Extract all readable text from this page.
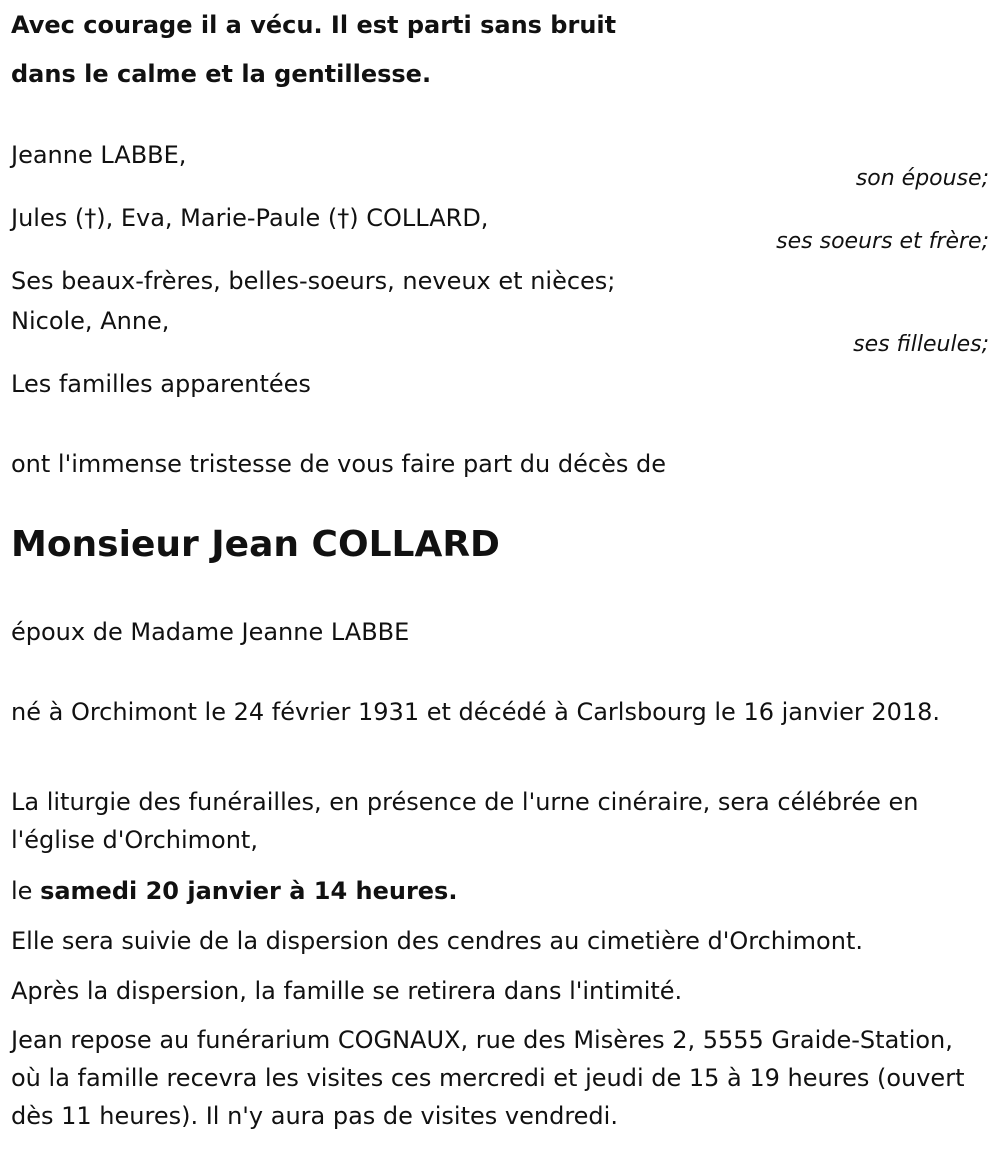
Avec courage il a vécu. Il est parti sans bruit
dans le calme et la gentillesse.
Jeanne LABBE,
son épouse;
Jules (†), Eva, Marie-Paule (†) COLLARD,
ses soeurs et frère;
Ses beaux-frères, belles-soeurs, neveux et nièces;
Nicole, Anne,
ses filleules;
Les familles apparentées
ont l'immense tristesse de vous faire part du décès de
Monsieur Jean COLLARD
époux de Madame Jeanne LABBE
né à Orchimont le 24 février 1931 et décédé à Carlsbourg le 16 janvier 2018.
La liturgie des funérailles, en présence de l'urne cinéraire, sera célébrée en l'église d'Orchimont,
le samedi 20 janvier à 14 heures.
Elle sera suivie de la dispersion des cendres au cimetière d'Orchimont.
Après la dispersion, la famille se retirera dans l'intimité.
Jean repose au funérarium COGNAUX, rue des Misères 2, 5555 Graide-Station, où la famille recevra les visites ces mercredi et jeudi de 15 à 19 heures (ouvert dès 11 heures). Il n'y aura pas de visites vendredi.
